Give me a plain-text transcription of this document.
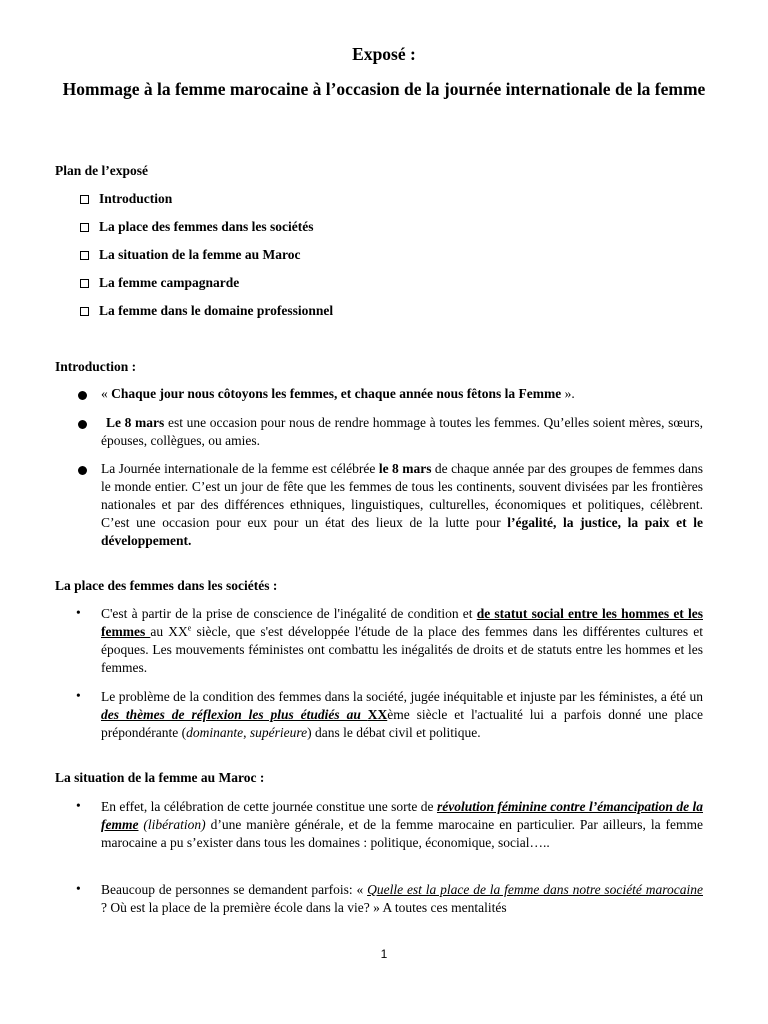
Exposé :
Hommage à la femme marocaine à l’occasion de la journée internationale de la femme
Plan de l’exposé
Introduction
La place des femmes dans les sociétés
La situation de la femme au Maroc
La femme campagnarde
La femme dans le domaine professionnel
Introduction :
« Chaque jour nous côtoyons les femmes, et chaque année nous fêtons la Femme ».
Le 8 mars est une occasion pour nous de rendre hommage à toutes les femmes. Qu’elles soient mères, sœurs, épouses, collègues, ou amies.
La Journée internationale de la femme est célébrée le 8 mars de chaque année par des groupes de femmes dans le monde entier. C’est un jour de fête que les femmes de tous les continents, souvent divisées par les frontières nationales et par des différences ethniques, linguistiques, culturelles, économiques et politiques, célèbrent. C’est une occasion pour eux pour un état des lieux de la lutte pour l’égalité, la justice, la paix et le développement.
La place des femmes dans les sociétés :
• C'est à partir de la prise de conscience de l'inégalité de condition et de statut social entre les hommes et les femmes au XXe siècle, que s'est développée l'étude de la place des femmes dans les différentes cultures et époques. Les mouvements féministes ont combattu les inégalités de droits et de statuts entre les hommes et les femmes.
• Le problème de la condition des femmes dans la société, jugée inéquitable et injuste par les féministes, a été un des thèmes de réflexion les plus étudiés au XXème siècle et l'actualité lui a parfois donné une place prépondérante (dominante, supérieure) dans le débat civil et politique.
La situation de la femme au Maroc :
• En effet, la célébration de cette journée constitue une sorte de révolution féminine contre l’émancipation de la femme (libération) d’une manière générale, et de la femme marocaine en particulier. Par ailleurs, la femme marocaine a pu s’exister dans tous les domaines : politique, économique, social…..
• Beaucoup de personnes se demandent parfois: « Quelle est la place de la femme dans notre société marocaine ? Où est la place de la première école dans la vie? » A toutes ces mentalités
1
